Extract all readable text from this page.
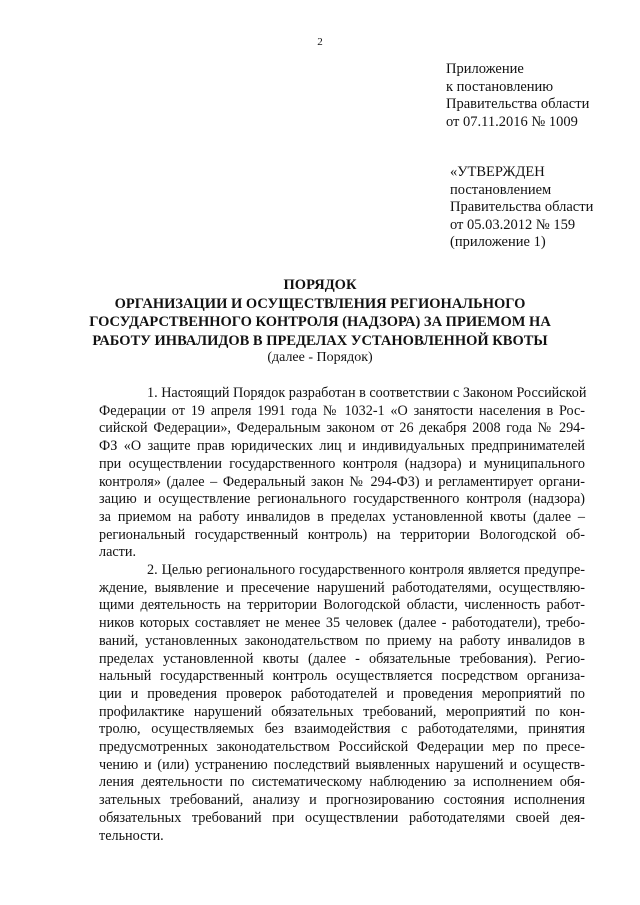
2
Приложение
к постановлению
Правительства области
от 07.11.2016 № 1009
«УТВЕРЖДЕН
постановлением
Правительства области
от 05.03.2012 № 159
(приложение 1)
ПОРЯДОК
ОРГАНИЗАЦИИ И ОСУЩЕСТВЛЕНИЯ РЕГИОНАЛЬНОГО
ГОСУДАРСТВЕННОГО КОНТРОЛЯ (НАДЗОРА) ЗА ПРИЕМОМ НА
РАБОТУ ИНВАЛИДОВ В ПРЕДЕЛАХ УСТАНОВЛЕННОЙ КВОТЫ
(далее - Порядок)
1. Настоящий Порядок разработан в соответствии с Законом Российской
Федерации от 19 апреля 1991 года № 1032-1 «О занятости населения в Рос-
сийской Федерации», Федеральным законом от 26 декабря 2008 года № 294-
ФЗ «О защите прав юридических лиц и индивидуальных предпринимателей
при осуществлении государственного контроля (надзора) и муниципального
контроля» (далее – Федеральный закон № 294-ФЗ) и регламентирует органи-
зацию и осуществление регионального государственного контроля (надзора)
за приемом на работу инвалидов в пределах установленной квоты (далее –
региональный государственный контроль) на территории Вологодской об-
ласти.
2. Целью регионального государственного контроля является предупре-
ждение, выявление и пресечение нарушений работодателями, осуществляю-
щими деятельность на территории Вологодской области, численность работ-
ников которых составляет не менее 35 человек (далее - работодатели), требо-
ваний, установленных законодательством по приему на работу инвалидов в
пределах установленной квоты (далее - обязательные требования). Регио-
нальный государственный контроль осуществляется посредством организа-
ции и проведения проверок работодателей и проведения мероприятий по
профилактике нарушений обязательных требований, мероприятий по кон-
тролю, осуществляемых без взаимодействия с работодателями, принятия
предусмотренных законодательством Российской Федерации мер по пресе-
чению и (или) устранению последствий выявленных нарушений и осуществ-
ления деятельности по систематическому наблюдению за исполнением обя-
зательных требований, анализу и прогнозированию состояния исполнения
обязательных требований при осуществлении работодателями своей дея-
тельности.
